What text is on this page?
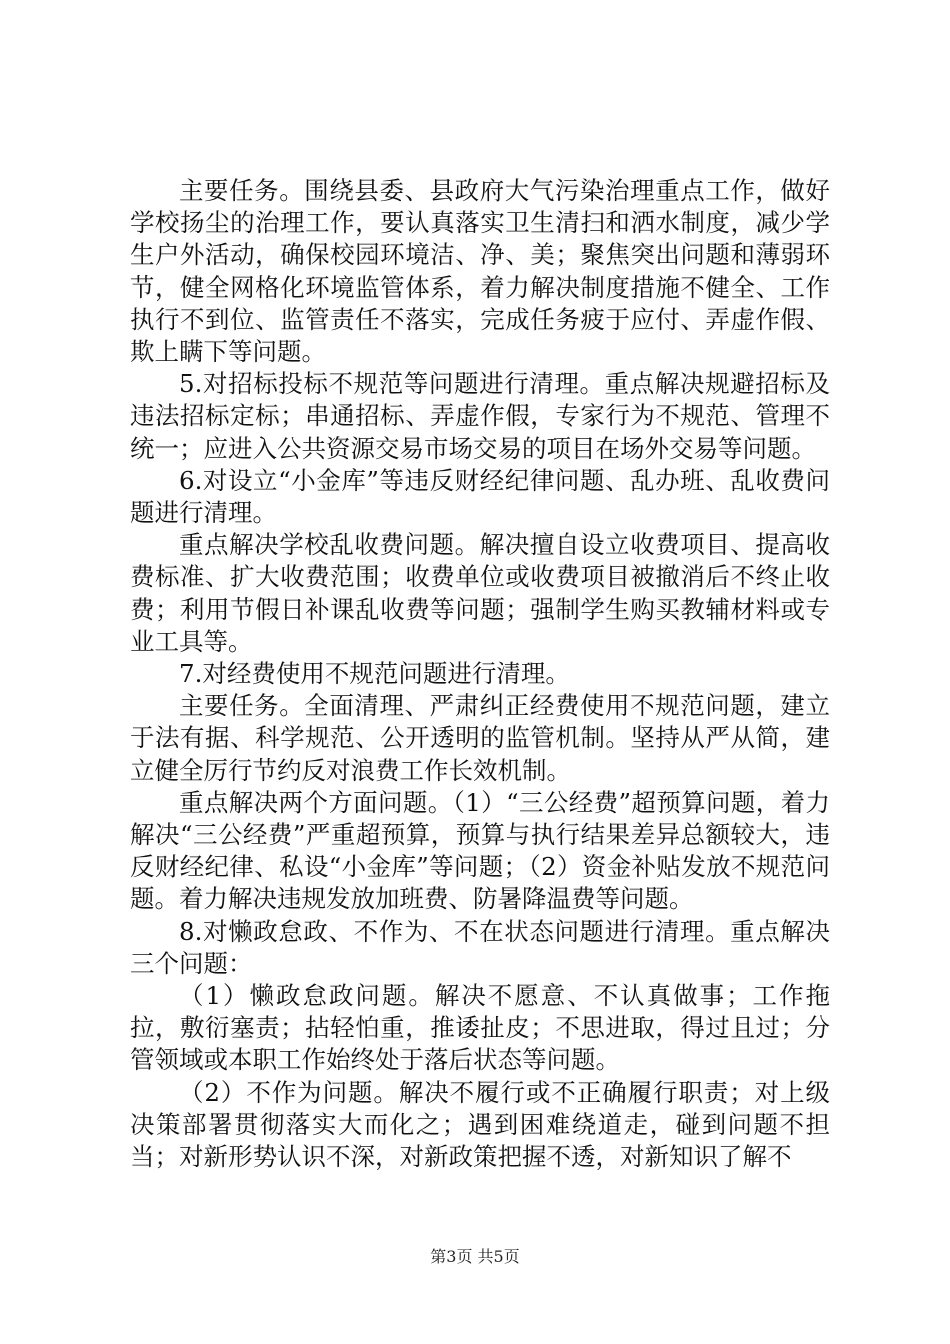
主要任务。围绕县委、县政府大气污染治理重点工作，做好学校扬尘的治理工作，要认真落实卫生清扫和洒水制度，减少学生户外活动，确保校园环境洁、净、美；聚焦突出问题和薄弱环节，健全网格化环境监管体系，着力解决制度措施不健全、工作执行不到位、监管责任不落实，完成任务疲于应付、弄虚作假、欺上瞒下等问题。

5.对招标投标不规范等问题进行清理。重点解决规避招标及违法招标定标；串通招标、弄虚作假，专家行为不规范、管理不统一；应进入公共资源交易市场交易的项目在场外交易等问题。

6.对设立“小金库”等违反财经纪律问题、乱办班、乱收费问题进行清理。

重点解决学校乱收费问题。解决擅自设立收费项目、提高收费标准、扩大收费范围；收费单位或收费项目被撤消后不终止收费；利用节假日补课乱收费等问题；强制学生购买教辅材料或专业工具等。

7.对经费使用不规范问题进行清理。

主要任务。全面清理、严肃纠正经费使用不规范问题，建立于法有据、科学规范、公开透明的监管机制。坚持从严从简，建立健全厉行节约反对浪费工作长效机制。

重点解决两个方面问题。（1）“三公经费”超预算问题，着力解决“三公经费”严重超预算，预算与执行结果差异总额较大，违反财经纪律、私设“小金库”等问题；（2）资金补贴发放不规范问题。着力解决违规发放加班费、防暑降温费等问题。

8.对懒政怠政、不作为、不在状态问题进行清理。重点解决三个问题：

（1）懒政怠政问题。解决不愿意、不认真做事；工作拖拉，敷衍塞责；拈轻怕重，推诿扯皮；不思进取，得过且过；分管领域或本职工作始终处于落后状态等问题。

（2）不作为问题。解决不履行或不正确履行职责；对上级决策部署贯彻落实大而化之；遇到困难绕道走，碰到问题不担当；对新形势认识不深，对新政策把握不透，对新知识了解不

第3页 共5页
